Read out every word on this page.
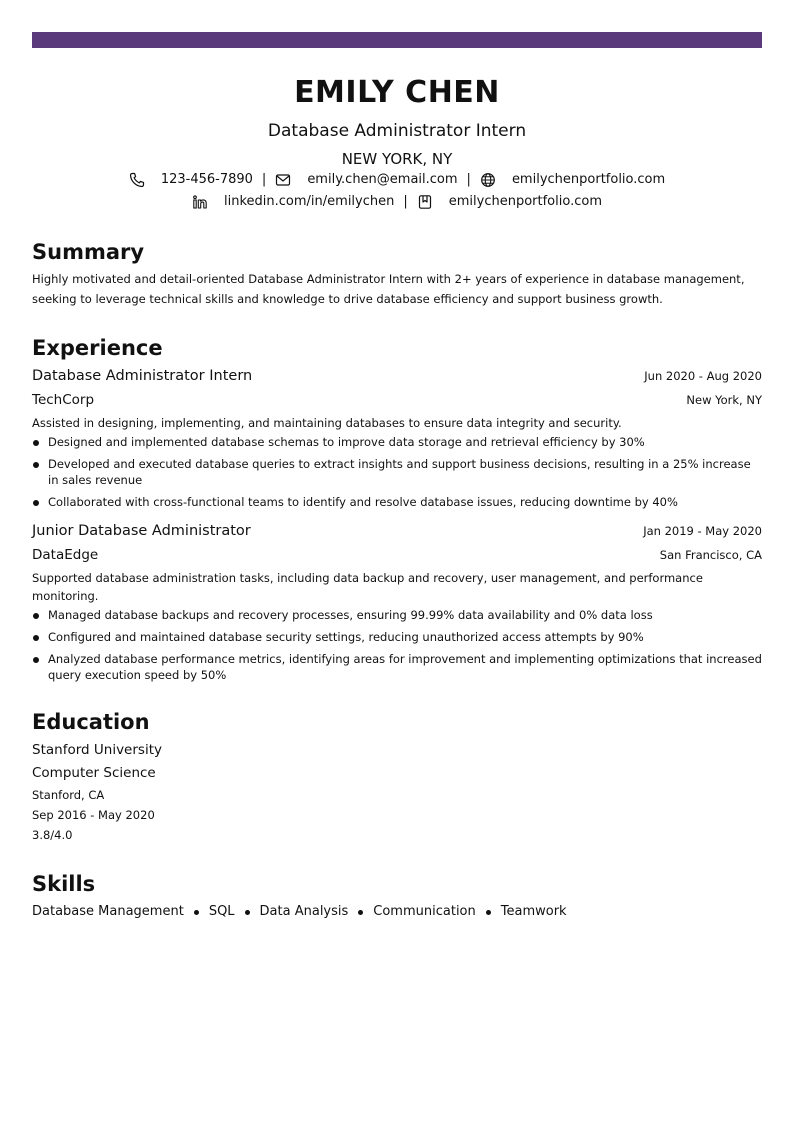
EMILY CHEN
Database Administrator Intern
NEW YORK, NY
123-456-7890 |	emily.chen@email.com |	emilychenportfolio.com
linkedin.com/in/emilychen |	emilychenportfolio.com
Summary
Highly motivated and detail-oriented Database Administrator Intern with 2+ years of experience in database management, seeking to leverage technical skills and knowledge to drive database efficiency and support business growth.
Experience
Database Administrator Intern	Jun 2020 - Aug 2020
TechCorp	New York, NY
Assisted in designing, implementing, and maintaining databases to ensure data integrity and security.
Designed and implemented database schemas to improve data storage and retrieval efficiency by 30%
Developed and executed database queries to extract insights and support business decisions, resulting in a 25% increase in sales revenue
Collaborated with cross-functional teams to identify and resolve database issues, reducing downtime by 40%
Junior Database Administrator	Jan 2019 - May 2020
DataEdge	San Francisco, CA
Supported database administration tasks, including data backup and recovery, user management, and performance monitoring.
Managed database backups and recovery processes, ensuring 99.99% data availability and 0% data loss
Configured and maintained database security settings, reducing unauthorized access attempts by 90%
Analyzed database performance metrics, identifying areas for improvement and implementing optimizations that increased query execution speed by 50%
Education
Stanford University
Computer Science
Stanford, CA
Sep 2016 - May 2020
3.8/4.0
Skills
Database Management SQL Data Analysis Communication Teamwork
